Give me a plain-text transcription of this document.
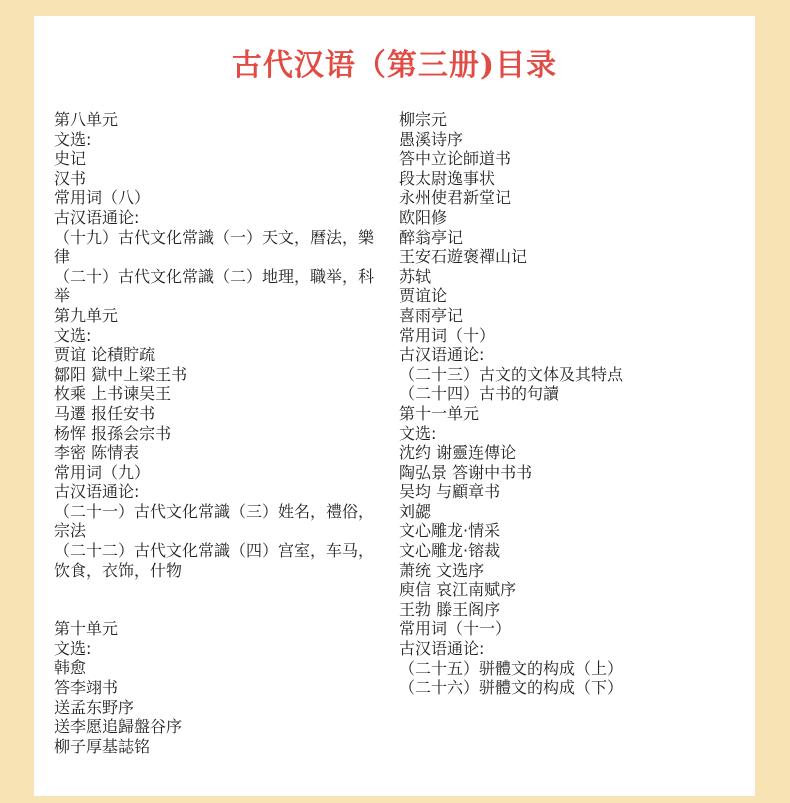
古代汉语（第三册)目录
第八单元
文选:
史记
汉书
常用词（八）
古汉语通论:
（十九）古代文化常識（一）天文，曆法，樂律
（二十）古代文化常識（二）地理，職举，科举
第九单元
文选:
贾谊 论積貯疏
鄒阳 獄中上梁王书
枚乘 上书谏吴王
马遷 报任安书
杨恽 报孫会宗书
李密 陈情表
常用词（九）
古汉语通论:
（二十一）古代文化常識（三）姓名，禮俗，宗法
（二十二）古代文化常識（四）宫室，车马，饮食，衣饰，什物
第十单元
文选:
韩愈
答李翊书
送孟东野序
送李愿追歸盤谷序
柳子厚基誌铭
柳宗元
愚溪诗序
答中立论師道书
段太尉逸事状
永州使君新堂记
欧阳修
醉翁亭记
王安石遊褒禪山记
苏轼
贾谊论
喜雨亭记
常用词（十）
古汉语通论:
（二十三）古文的文体及其特点
（二十四）古书的句讀
第十一单元
文选:
沈约 谢靈连傳论
陶弘景 答谢中书书
吴均 与顧章书
刘勰
文心雕龙·情采
文心雕龙·镕裁
萧统 文选序
庾信 哀江南赋序
王勃 滕王阁序
常用词（十一）
古汉语通论:
（二十五）骈體文的构成（上）
（二十六）骈體文的构成（下）
